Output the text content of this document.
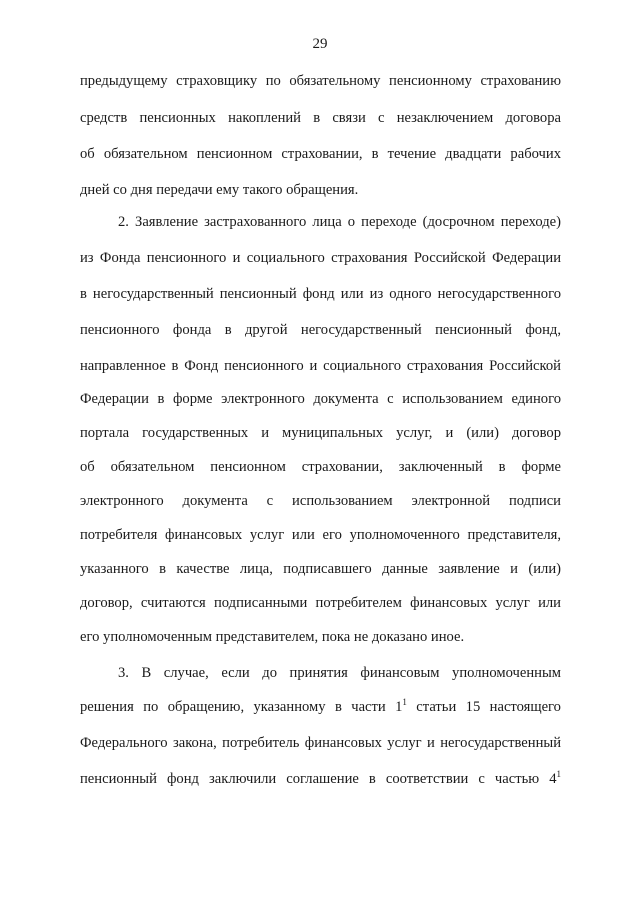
29
предыдущему страховщику по обязательному пенсионному страхованию
средств пенсионных накоплений в связи с незаключением договора
об обязательном пенсионном страховании, в течение двадцати рабочих
дней со дня передачи ему такого обращения.
2. Заявление застрахованного лица о переходе (досрочном переходе)
из Фонда пенсионного и социального страхования Российской Федерации
в негосударственный пенсионный фонд или из одного негосударственного
пенсионного фонда в другой негосударственный пенсионный фонд,
направленное в Фонд пенсионного и социального страхования Российской
Федерации в форме электронного документа с использованием единого
портала государственных и муниципальных услуг, и (или) договор
об обязательном пенсионном страховании, заключенный в форме
электронного документа с использованием электронной подписи
потребителя финансовых услуг или его уполномоченного представителя,
указанного в качестве лица, подписавшего данные заявление и (или)
договор, считаются подписанными потребителем финансовых услуг или
его уполномоченным представителем, пока не доказано иное.
3. В случае, если до принятия финансовым уполномоченным
решения по обращению, указанному в части $1^1$ статьи 15 настоящего
Федерального закона, потребитель финансовых услуг и негосударственный
пенсионный фонд заключили соглашение в соответствии с частью $4^1$
